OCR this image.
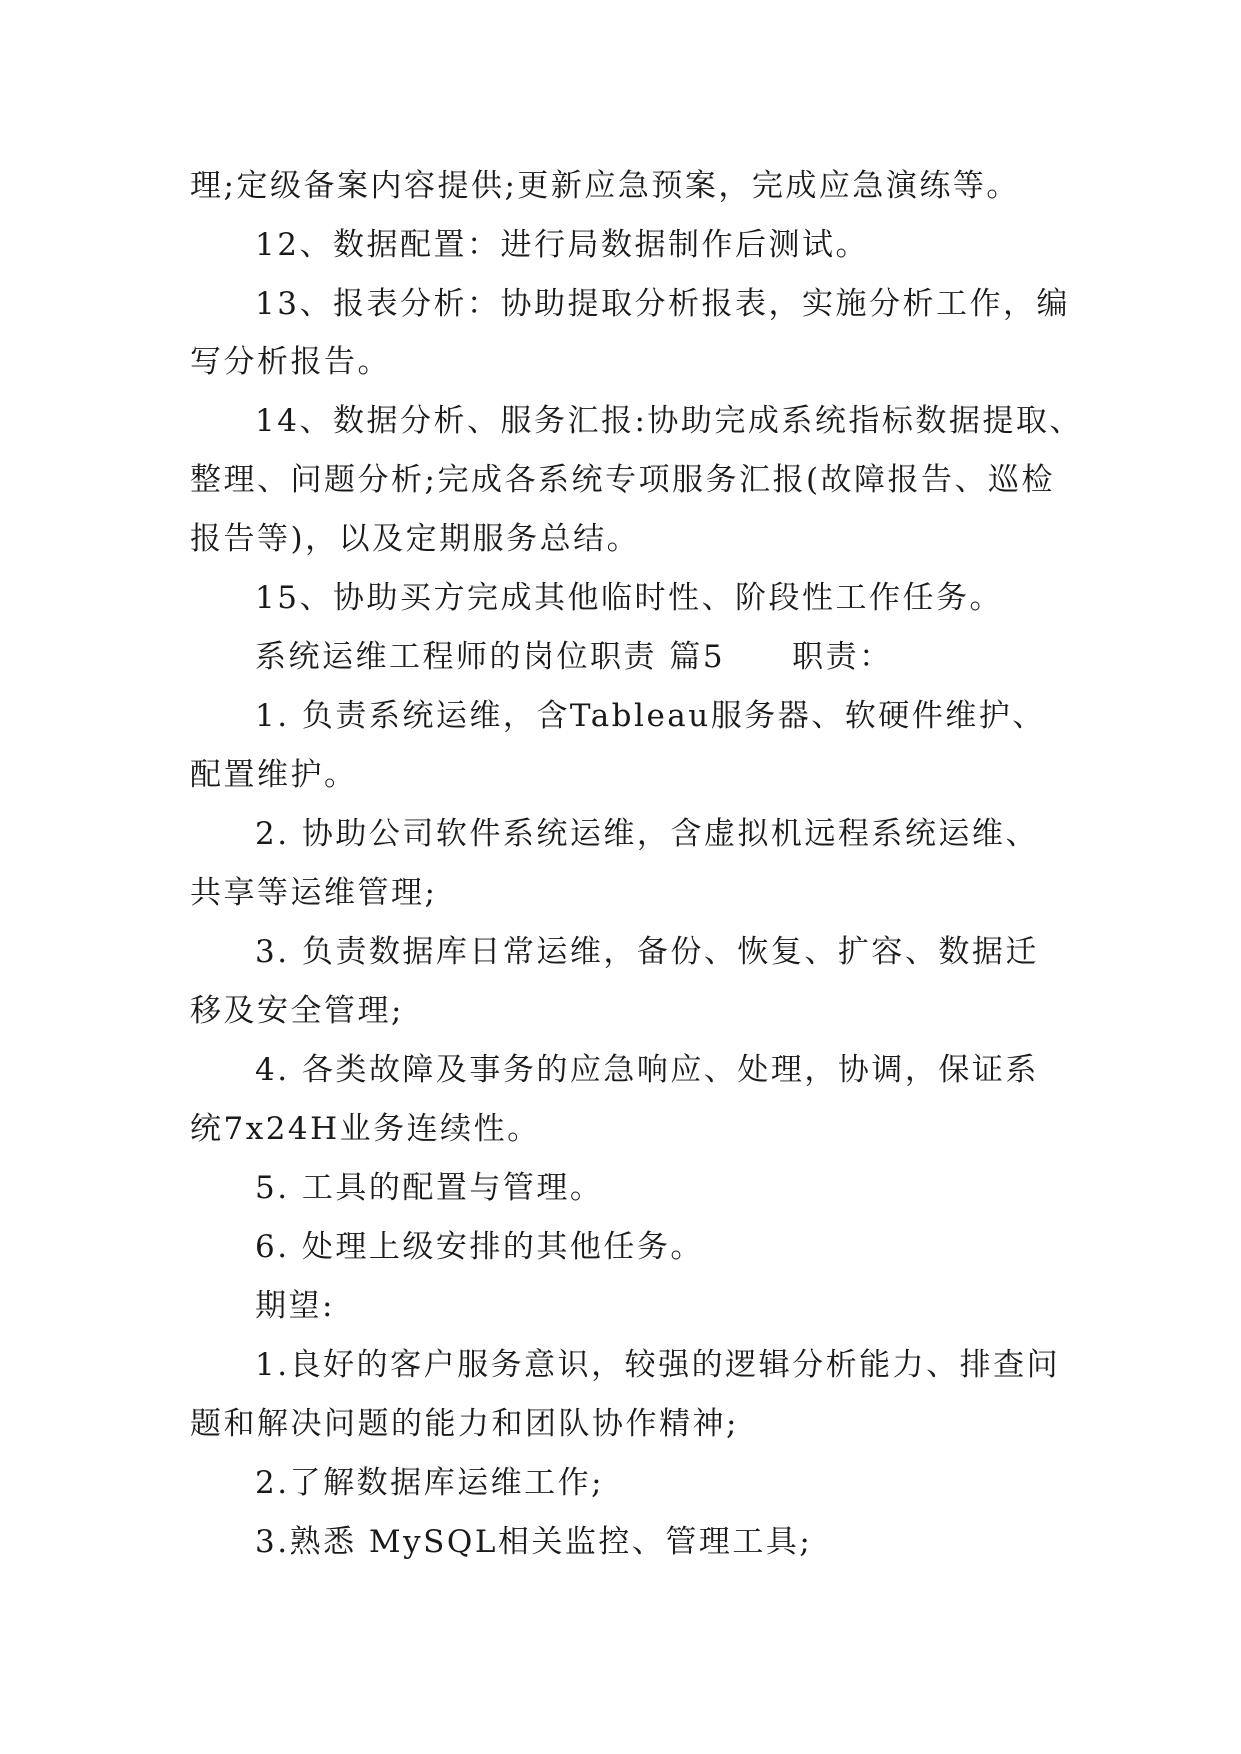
理;定级备案内容提供;更新应急预案，完成应急演练等。
12、数据配置：进行局数据制作后测试。
13、报表分析：协助提取分析报表，实施分析工作，编
写分析报告。
14、数据分析、服务汇报:协助完成系统指标数据提取、
整理、问题分析;完成各系统专项服务汇报(故障报告、巡检
报告等)，以及定期服务总结。
15、协助买方完成其他临时性、阶段性工作任务。
系统运维工程师的岗位职责 篇5　　职责：
1. 负责系统运维，含Tableau服务器、软硬件维护、
配置维护。
2. 协助公司软件系统运维，含虚拟机远程系统运维、
共享等运维管理;
3. 负责数据库日常运维，备份、恢复、扩容、数据迁
移及安全管理;
4. 各类故障及事务的应急响应、处理，协调，保证系
统7x24H业务连续性。
5. 工具的配置与管理。
6. 处理上级安排的其他任务。
期望:
1.良好的客户服务意识，较强的逻辑分析能力、排查问
题和解决问题的能力和团队协作精神;
2.了解数据库运维工作;
3.熟悉 MySQL相关监控、管理工具;
